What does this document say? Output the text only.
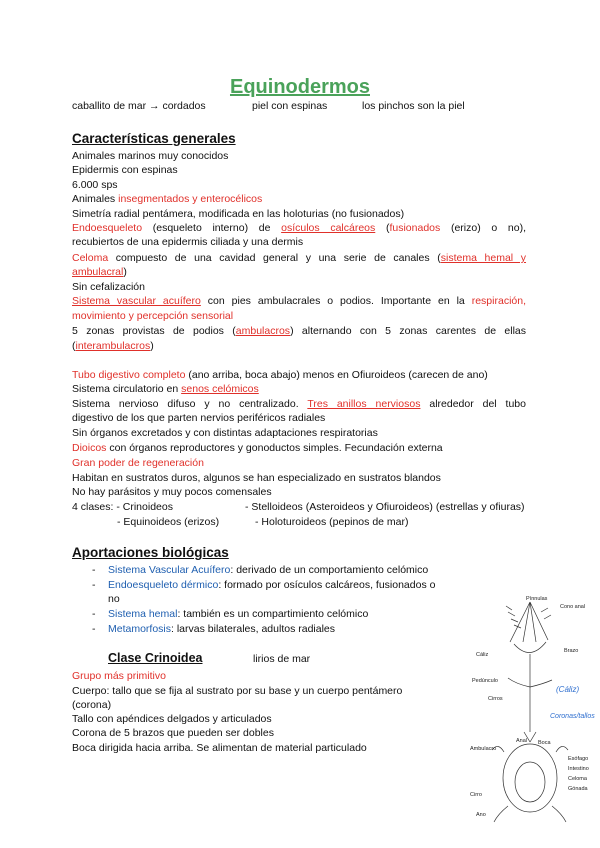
Equinodermos
caballito de mar → cordados	piel con espinas	los pinchos son la piel
Características generales
Animales marinos muy conocidos
Epidermis con espinas
6.000 sps
Animales insegmentados y enterocélicos
Simetría radial pentámera, modificada en las holoturias (no fusionados)
Endoesqueleto (esqueleto interno) de osículos calcáreos (fusionados (erizo) o no),
recubiertos de una epidermis ciliada y una dermis
Celoma compuesto de una cavidad general y una serie de canales (sistema hemal y
ambulacral)
Sin cefalización
Sistema vascular acuífero con pies ambulacrales o podios. Importante en la respiración,
movimiento y percepción sensorial
5 zonas provistas de podios (ambulacros) alternando con 5 zonas carentes de ellas
(interambulacros)
Tubo digestivo completo (ano arriba, boca abajo) menos en Ofiuroideos (carecen de ano)
Sistema circulatorio en senos celómicos
Sistema nervioso difuso y no centralizado. Tres anillos nerviosos alrededor del tubo
digestivo de los que parten nervios periféricos radiales
Sin órganos excretados y con distintas adaptaciones respiratorias
Dioicos con órganos reproductores y gonoductos simples. Fecundación externa
Gran poder de regeneración
Habitan en sustratos duros, algunos se han especializado en sustratos blandos
No hay parásitos y muy pocos comensales
4 clases: - Crinoideos	- Stelloideos (Asteroideos y Ofiuroideos) (estrellas y ofiuras)
- Equinoideos (erizos)	- Holoturoideos (pepinos de mar)
Aportaciones biológicas
- Sistema Vascular Acuífero: derivado de un comportamiento celómico
- Endoesqueleto dérmico: formado por osículos calcáreos, fusionados o
no
- Sistema hemal: también es un compartimiento celómico
- Metamorfosis: larvas bilaterales, adultos radiales
Clase Crinoidea	lirios de mar
Grupo más primitivo
Cuerpo: tallo que se fija al sustrato por su base y un cuerpo pentámero
(corona)
Tallo con apéndices delgados y articulados
Corona de 5 brazos que pueden ser dobles
Boca dirigida hacia arriba. Se alimentan de material particulado
Pínnulas
Cono anal
Cáliz
Brazo
Pedúnculo
Cirros
Anal Boca
Ambulacro
Esófago
Intestino
Celoma
Gónada
Cirro
Ano
(Cáliz)
Coronas/tallos
